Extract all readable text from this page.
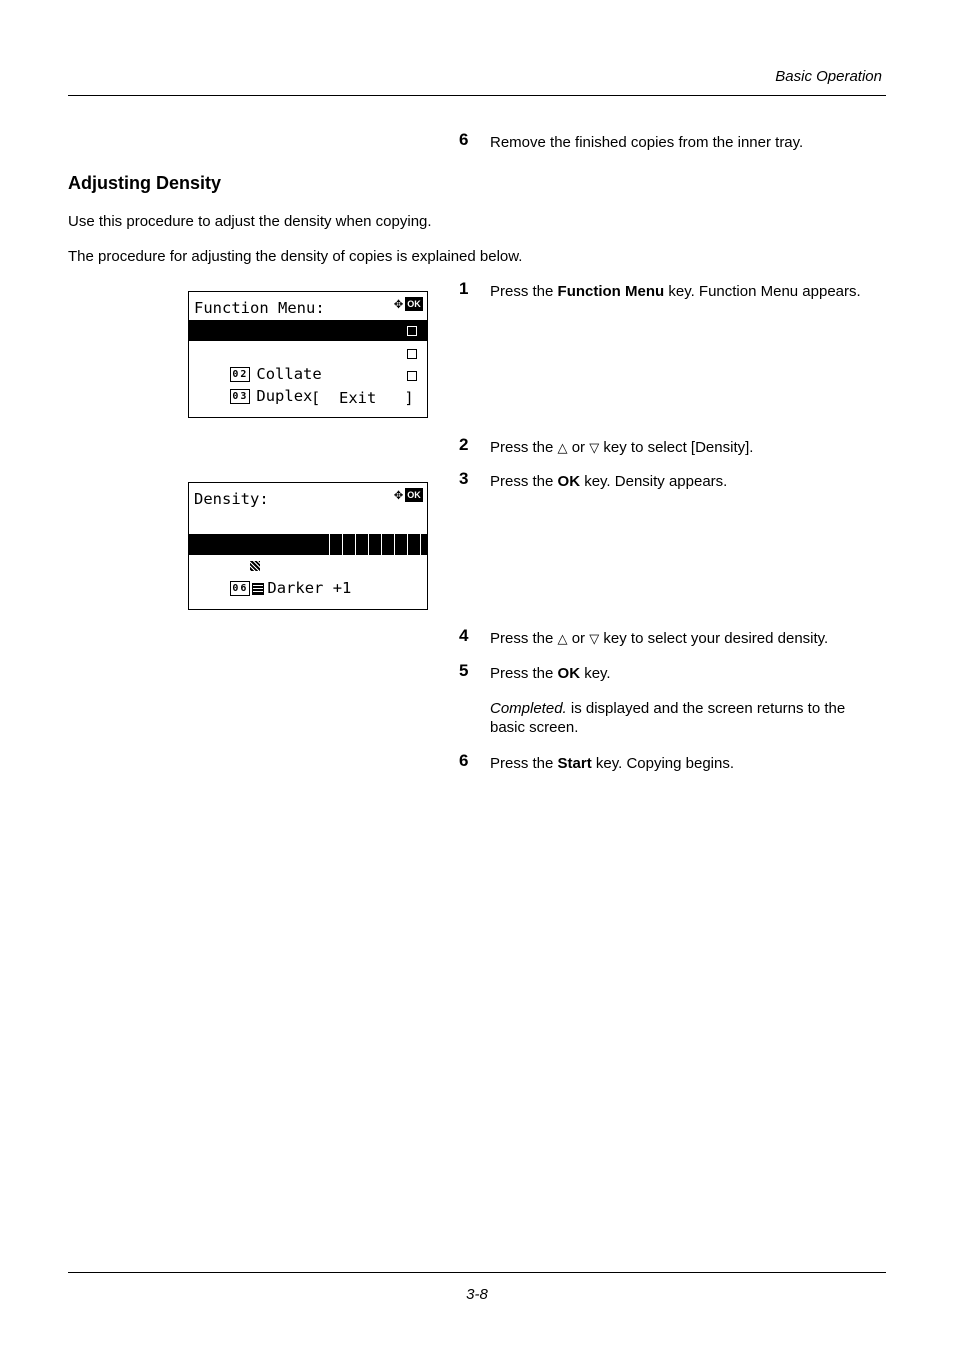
Basic Operation
6 Remove the finished copies from the inner tray.
Adjusting Density
Use this procedure to adjust the density when copying.
The procedure for adjusting the density of copies is explained below.
Function Menu:	✥ OK

01 Paper Selection

02 Collate

03 Duplex

[  Exit   ]
1 Press the Function Menu key. Function Menu appears.
2 Press the △ or ▽ key to select [Density].
3 Press the OK key. Density appears.
Density:	✥ OK

05 Normal 0

06 Darker +1

4 Press the △ or ▽ key to select your desired density.
5 Press the OK key.
Completed. is displayed and the screen returns to the basic screen.
6 Press the Start key. Copying begins.
3-8
